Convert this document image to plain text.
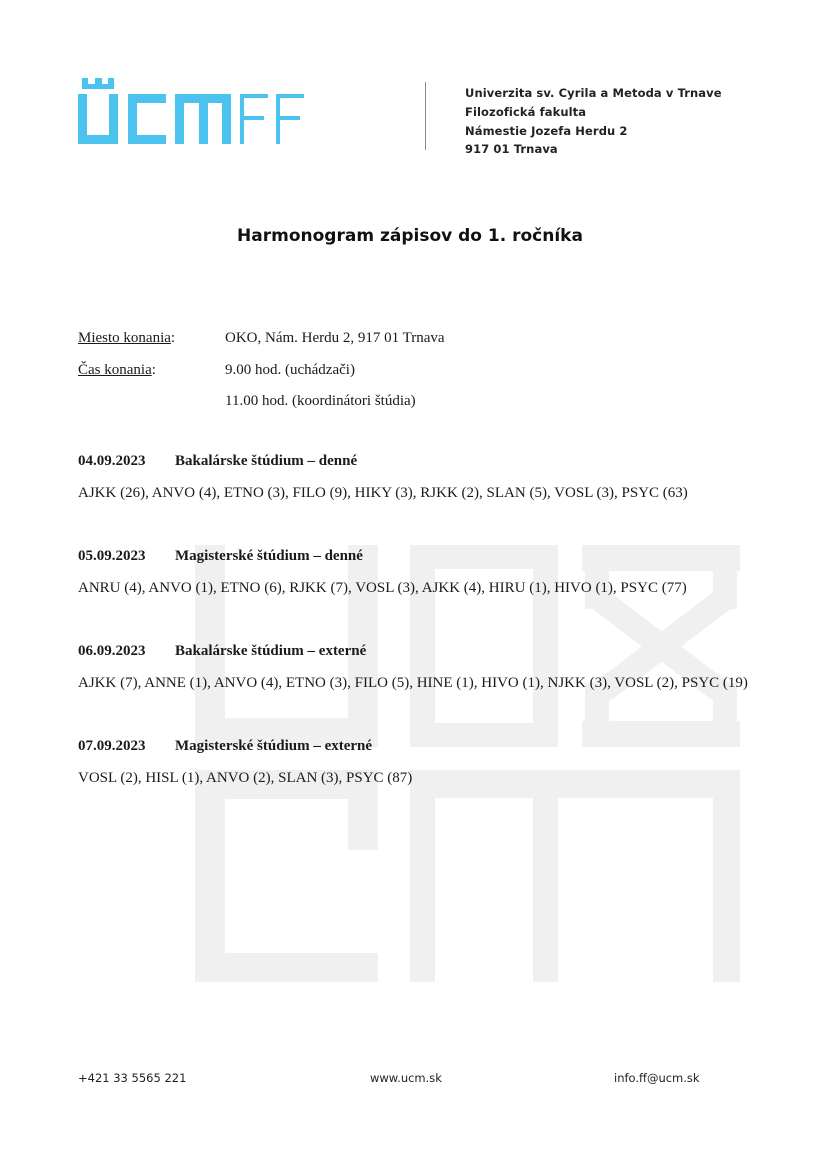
Univerzita sv. Cyrila a Metoda v Trnave
Filozofická fakulta
Námestie Jozefa Herdu 2
917 01 Trnava
Harmonogram zápisov do 1. ročníka
Miesto konania:	OKO, Nám. Herdu 2, 917 01 Trnava
Čas konania:	9.00 hod. (uchádzači)
11.00 hod. (koordinátori štúdia)
04.09.2023 Bakalárske štúdium – denné
AJKK (26), ANVO (4), ETNO (3), FILO (9), HIKY (3), RJKK (2), SLAN (5), VOSL (3), PSYC (63)
05.09.2023 Magisterské štúdium – denné
ANRU (4), ANVO (1), ETNO (6), RJKK (7), VOSL (3), AJKK (4), HIRU (1), HIVO (1), PSYC (77)
06.09.2023 Bakalárske štúdium – externé
AJKK (7), ANNE (1), ANVO (4), ETNO (3), FILO (5), HINE (1), HIVO (1), NJKK (3), VOSL (2), PSYC (19)
07.09.2023 Magisterské štúdium – externé
VOSL (2), HISL (1), ANVO (2), SLAN (3), PSYC (87)
+421 33 5565 221	www.ucm.sk	info.ff@ucm.sk
